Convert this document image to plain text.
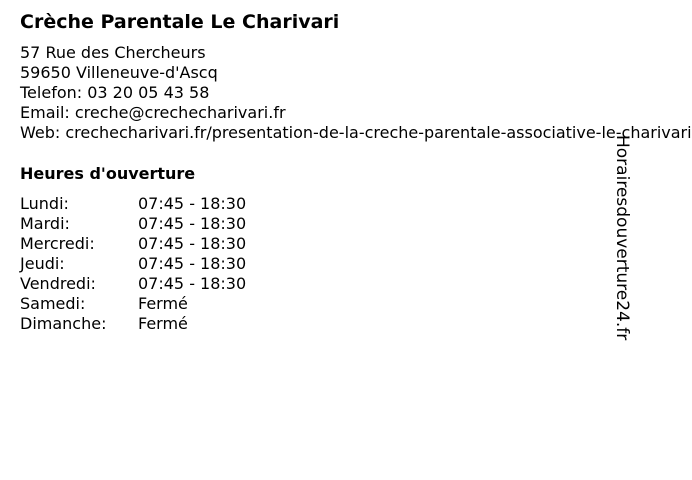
Crèche Parentale Le Charivari
57 Rue des Chercheurs
59650 Villeneuve-d'Ascq
Telefon: 03 20 05 43 58
Email: creche@crechecharivari.fr
Web: crechecharivari.fr/presentation-de-la-creche-parentale-associative-le-charivari
Heures d'ouverture
Lundi:	07:45 - 18:30
Mardi:	07:45 - 18:30
Mercredi:	07:45 - 18:30
Jeudi:	07:45 - 18:30
Vendredi:	07:45 - 18:30
Samedi:	Fermé
Dimanche: Fermé	Horairesdouverture24.fr
